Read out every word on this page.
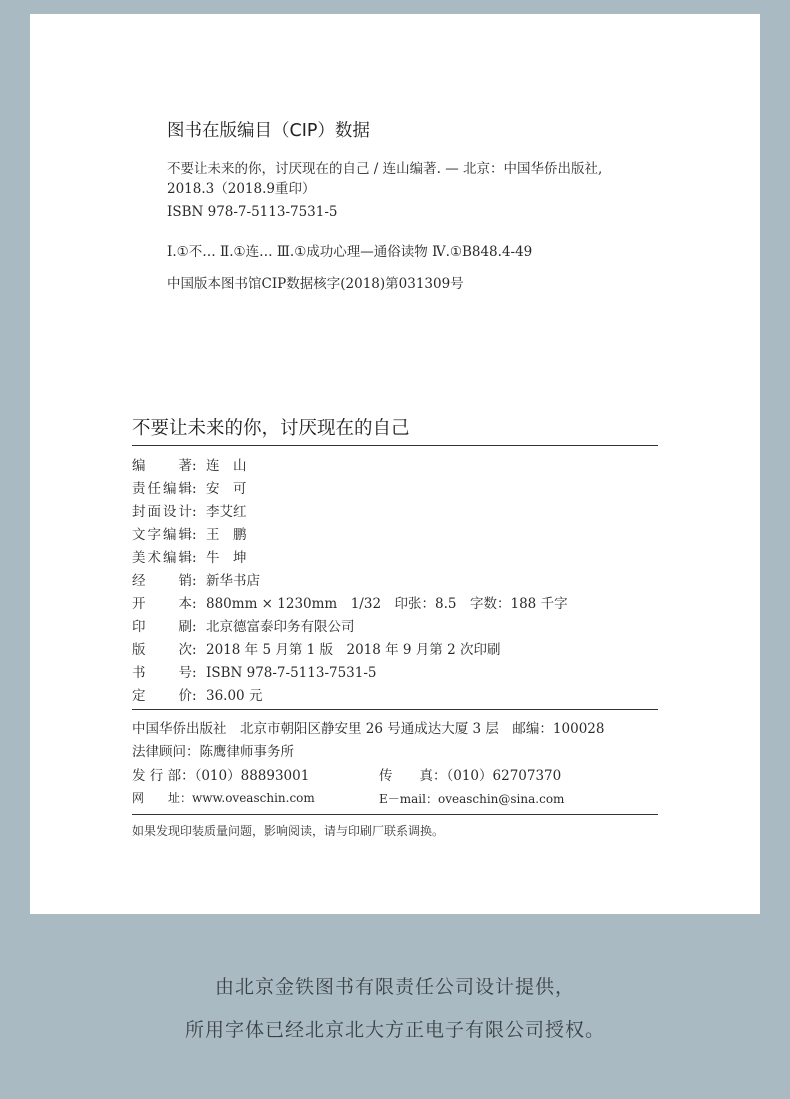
图书在版编目（CIP）数据
不要让未来的你，讨厌现在的自己 / 连山编著. — 北京：中国华侨出版社,
2018.3（2018.9重印）
ISBN 978-7-5113-7531-5
Ⅰ.①不… Ⅱ.①连… Ⅲ.①成功心理—通俗读物 Ⅳ.①B848.4-49
中国版本图书馆CIP数据核字(2018)第031309号
不要让未来的你，讨厌现在的自己
编著: 连　山
责任编辑: 安　可
封面设计: 李艾红
文字编辑: 王　鹏
美术编辑: 牛　坤
经销: 新华书店
开本: 880mm × 1230mm　1/32　印张：8.5　字数：188 千字
印刷: 北京德富泰印务有限公司
版次: 2018 年 5 月第 1 版　2018 年 9 月第 2 次印刷
书号: ISBN 978-7-5113-7531-5
定价: 36.00 元
中国华侨出版社　北京市朝阳区静安里 26 号通成达大厦 3 层　邮编：100028
法律顾问：陈鹰律师事务所
发 行 部：（010）88893001	传　　真：（010）62707370
网　　址：www.oveaschin.com	E－mail：oveaschin@sina.com
如果发现印装质量问题，影响阅读，请与印刷厂联系调换。
由北京金铁图书有限责任公司设计提供，
所用字体已经北京北大方正电子有限公司授权。
